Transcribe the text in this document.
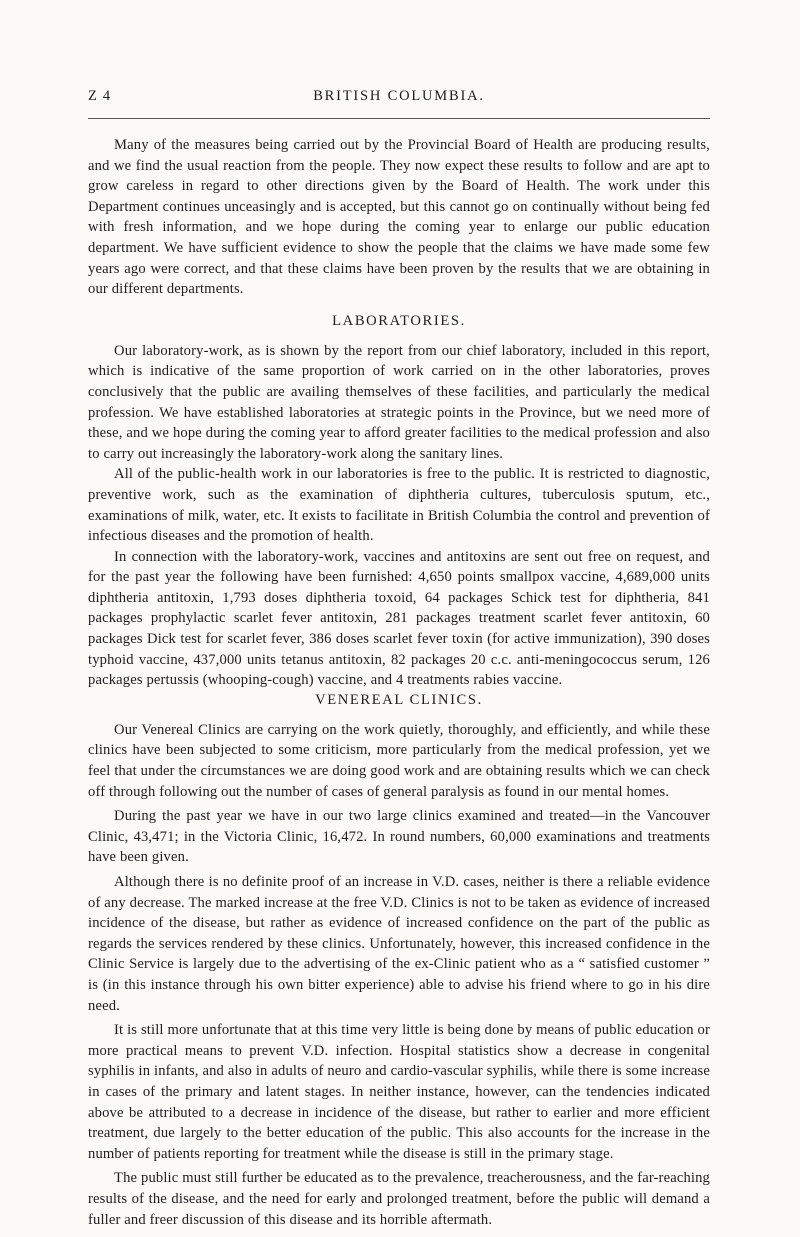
Z 4	BRITISH COLUMBIA.

Many of the measures being carried out by the Provincial Board of Health are producing results, and we find the usual reaction from the people. They now expect these results to follow and are apt to grow careless in regard to other directions given by the Board of Health. The work under this Department continues unceasingly and is accepted, but this cannot go on continually without being fed with fresh information, and we hope during the coming year to enlarge our public education department. We have sufficient evidence to show the people that the claims we have made some few years ago were correct, and that these claims have been proven by the results that we are obtaining in our different departments.

LABORATORIES.

Our laboratory-work, as is shown by the report from our chief laboratory, included in this report, which is indicative of the same proportion of work carried on in the other laboratories, proves conclusively that the public are availing themselves of these facilities, and particularly the medical profession. We have established laboratories at strategic points in the Province, but we need more of these, and we hope during the coming year to afford greater facilities to the medical profession and also to carry out increasingly the laboratory-work along the sanitary lines.

All of the public-health work in our laboratories is free to the public. It is restricted to diagnostic, preventive work, such as the examination of diphtheria cultures, tuberculosis sputum, etc., examinations of milk, water, etc. It exists to facilitate in British Columbia the control and prevention of infectious diseases and the promotion of health.

In connection with the laboratory-work, vaccines and antitoxins are sent out free on request, and for the past year the following have been furnished: 4,650 points smallpox vaccine, 4,689,000 units diphtheria antitoxin, 1,793 doses diphtheria toxoid, 64 packages Schick test for diphtheria, 841 packages prophylactic scarlet fever antitoxin, 281 packages treatment scarlet fever antitoxin, 60 packages Dick test for scarlet fever, 386 doses scarlet fever toxin (for active immunization), 390 doses typhoid vaccine, 437,000 units tetanus antitoxin, 82 packages 20 c.c. anti-meningococcus serum, 126 packages pertussis (whooping-cough) vaccine, and 4 treatments rabies vaccine.

VENEREAL CLINICS.

Our Venereal Clinics are carrying on the work quietly, thoroughly, and efficiently, and while these clinics have been subjected to some criticism, more particularly from the medical profession, yet we feel that under the circumstances we are doing good work and are obtaining results which we can check off through following out the number of cases of general paralysis as found in our mental homes.

During the past year we have in our two large clinics examined and treated—in the Vancouver Clinic, 43,471; in the Victoria Clinic, 16,472. In round numbers, 60,000 examinations and treatments have been given.

Although there is no definite proof of an increase in V.D. cases, neither is there a reliable evidence of any decrease. The marked increase at the free V.D. Clinics is not to be taken as evidence of increased incidence of the disease, but rather as evidence of increased confidence on the part of the public as regards the services rendered by these clinics. Unfortunately, however, this increased confidence in the Clinic Service is largely due to the advertising of the ex-Clinic patient who as a “ satisfied customer ” is (in this instance through his own bitter experience) able to advise his friend where to go in his dire need.

It is still more unfortunate that at this time very little is being done by means of public education or more practical means to prevent V.D. infection. Hospital statistics show a decrease in congenital syphilis in infants, and also in adults of neuro and cardio-vascular syphilis, while there is some increase in cases of the primary and latent stages. In neither instance, however, can the tendencies indicated above be attributed to a decrease in incidence of the disease, but rather to earlier and more efficient treatment, due largely to the better education of the public. This also accounts for the increase in the number of patients reporting for treatment while the disease is still in the primary stage.

The public must still further be educated as to the prevalence, treacherousness, and the far-reaching results of the disease, and the need for early and prolonged treatment, before the public will demand a fuller and freer discussion of this disease and its horrible aftermath.
